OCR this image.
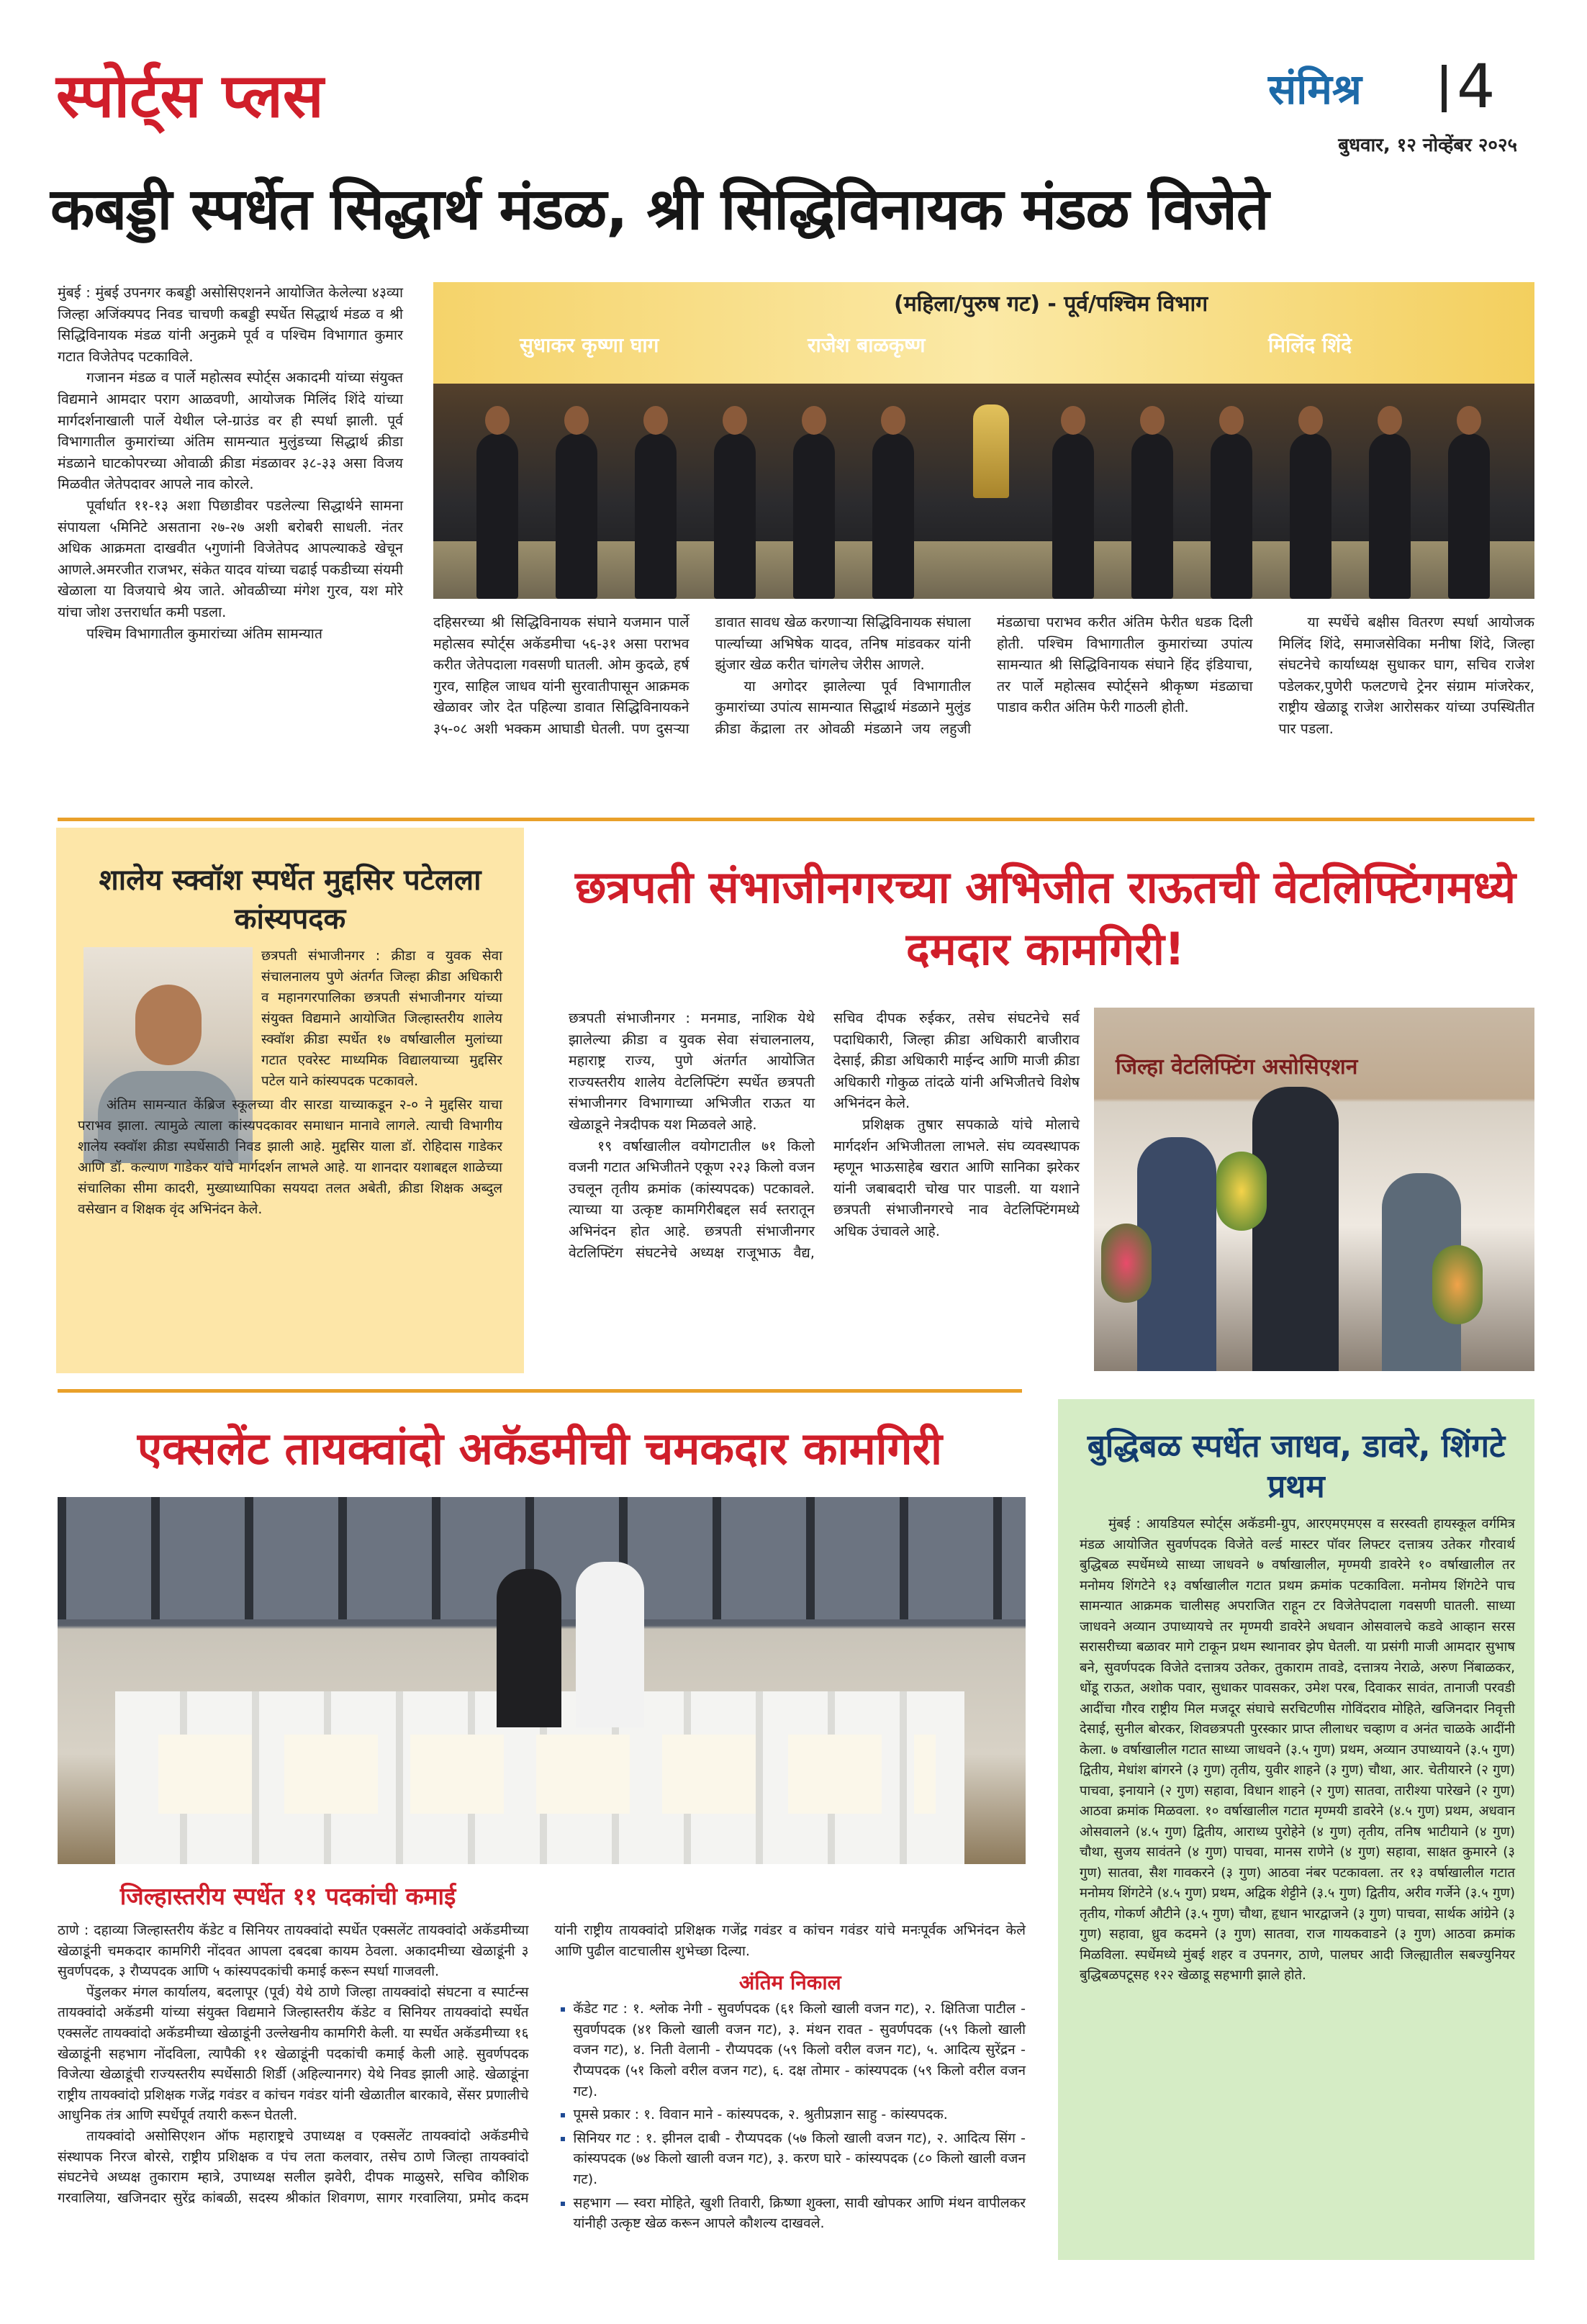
स्पोर्ट्स प्लस	संमिश्र 4
बुधवार, १२ नोव्हेंबर २०२५
कबड्डी स्पर्धेत सिद्धार्थ मंडळ, श्री सिद्धिविनायक मंडळ विजेते

मुंबई : मुंबई उपनगर कबड्डी असोसिएशनने आयोजित केलेल्या ४३व्या जिल्हा अजिंक्यपद निवड चाचणी कबड्डी स्पर्धेत सिद्धार्थ मंडळ व श्री सिद्धिविनायक मंडळ यांनी अनुक्रमे पूर्व व पश्चिम विभागात कुमार गटात विजेतेपद पटकाविले.

गजानन मंडळ व पार्ले महोत्सव स्पोर्ट्स अकादमी यांच्या संयुक्त विद्यमाने आमदार पराग आळवणी, आयोजक मिलिंद शिंदे यांच्या मार्गदर्शनाखाली पार्ले येथील प्ले-ग्राउंड वर ही स्पर्धा झाली. पूर्व विभागातील कुमारांच्या अंतिम सामन्यात मुलुंडच्या सिद्धार्थ क्रीडा मंडळाने घाटकोपरच्या ओवाळी क्रीडा मंडळावर ३८-३३ असा विजय मिळवीत जेतेपदावर आपले नाव कोरले.

पूर्वार्धात ११-१३ अशा पिछाडीवर पडलेल्या सिद्धार्थने सामना संपायला ५मिनिटे असताना २७-२७ अशी बरोबरी साधली. नंतर अधिक आक्रमता दाखवीत ५गुणांनी विजेतेपद आपल्याकडे खेचून आणले.अमरजीत राजभर, संकेत यादव यांच्या चढाई पकडीच्या संयमी खेळाला या विजयाचे श्रेय जाते. ओवळीच्या मंगेश गुरव, यश मोरे यांचा जोश उत्तरार्धात कमी पडला.

पश्चिम विभागातील कुमारांच्या अंतिम सामन्यात

(महिला/पुरुष गट) - पूर्व/पश्चिम विभाग
सुधाकर कृष्णा घाग	राजेश बाळकृष्ण	मिलिंद शिंदे

दहिसरच्या श्री सिद्धिविनायक संघाने यजमान पार्ले महोत्सव स्पोर्ट्स अकॅडमीचा ५६-३१ असा पराभव करीत जेतेपदाला गवसणी घातली. ओम कुदळे, हर्ष गुरव, साहिल जाधव यांनी सुरवातीपासून आक्रमक खेळावर जोर देत पहिल्या डावात सिद्धिविनायकने ३५-०८ अशी भक्कम आघाडी घेतली. पण दुसऱ्या डावात सावध खेळ करणाऱ्या सिद्धिविनायक संघाला पार्ल्याच्या अभिषेक यादव, तनिष मांडवकर यांनी झुंजार खेळ करीत चांगलेच जेरीस आणले.

या अगोदर झालेल्या पूर्व विभागातील कुमारांच्या उपांत्य सामन्यात सिद्धार्थ मंडळाने मुलुंड क्रीडा केंद्राला तर ओवळी मंडळाने जय लहुजी मंडळाचा पराभव करीत अंतिम फेरीत धडक दिली होती. पश्चिम विभागातील कुमारांच्या उपांत्य सामन्यात श्री सिद्धिविनायक संघाने हिंद इंडियाचा, तर पार्ले महोत्सव स्पोर्ट्सने श्रीकृष्ण मंडळाचा पाडाव करीत अंतिम फेरी गाठली होती.

या स्पर्धेचे बक्षीस वितरण स्पर्धा आयोजक मिलिंद शिंदे, समाजसेविका मनीषा शिंदे, जिल्हा संघटनेचे कार्याध्यक्ष सुधाकर घाग, सचिव राजेश पडेलकर,पुणेरी फलटणचे ट्रेनर संग्राम मांजरेकर, राष्ट्रीय खेळाडू राजेश आरोसकर यांच्या उपस्थितीत पार पडला.

शालेय स्क्वॉश स्पर्धेत मुद्दसिर पटेलला कांस्यपदक

छत्रपती संभाजीनगर : क्रीडा व युवक सेवा संचालनालय पुणे अंतर्गत जिल्हा क्रीडा अधिकारी व महानगरपालिका छत्रपती संभाजीनगर यांच्या संयुक्त विद्यमाने आयोजित जिल्हास्तरीय शालेय स्क्वॉश क्रीडा स्पर्धेत १७ वर्षाखालील मुलांच्या गटात एवरेस्ट माध्यमिक विद्यालयाच्या मुद्दसिर पटेल याने कांस्यपदक पटकावले.

अंतिम सामन्यात केंब्रिज स्कूलच्या वीर सारडा याच्याकडून २-० ने मुद्दसिर याचा पराभव झाला. त्यामुळे त्याला कांस्यपदकावर समाधान मानावे लागले. त्याची विभागीय शालेय स्क्वॉश क्रीडा स्पर्धेसाठी निवड झाली आहे. मुद्दसिर याला डॉ. रोहिदास गाडेकर आणि डॉ. कल्याण गाडेकर यांचे मार्गदर्शन लाभले आहे. या शानदार यशाबद्दल शाळेच्या संचालिका सीमा कादरी, मुख्याध्यापिका सययदा तलत अबेती, क्रीडा शिक्षक अब्दुल वसेखान व शिक्षक वृंद अभिनंदन केले.

छत्रपती संभाजीनगरच्या अभिजीत राऊतची वेटलिफ्टिंगमध्ये दमदार कामगिरी!

छत्रपती संभाजीनगर : मनमाड, नाशिक येथे झालेल्या क्रीडा व युवक सेवा संचालनालय, महाराष्ट्र राज्य, पुणे अंतर्गत आयोजित राज्यस्तरीय शालेय वेटलिफ्टिंग स्पर्धेत छत्रपती संभाजीनगर विभागाच्या अभिजीत राऊत या खेळाडूने नेत्रदीपक यश मिळवले आहे.

१९ वर्षाखालील वयोगटातील ७१ किलो वजनी गटात अभिजीतने एकूण २२३ किलो वजन उचलून तृतीय क्रमांक (कांस्यपदक) पटकावले. त्याच्या या उत्कृष्ट कामगिरीबद्दल सर्व स्तरातून अभिनंदन होत आहे. छत्रपती संभाजीनगर वेटलिफ्टिंग संघटनेचे अध्यक्ष राजूभाऊ वैद्य, सचिव दीपक रुईकर, तसेच संघटनेचे सर्व पदाधिकारी, जिल्हा क्रीडा अधिकारी बाजीराव देसाई, क्रीडा अधिकारी माईन्द आणि माजी क्रीडा अधिकारी गोकुळ तांदळे यांनी अभिजीतचे विशेष अभिनंदन केले.

प्रशिक्षक तुषार सपकाळे यांचे मोलाचे मार्गदर्शन अभिजीतला लाभले. संघ व्यवस्थापक म्हणून भाऊसाहेब खरात आणि सानिका झरेकर यांनी जबाबदारी चोख पार पाडली. या यशाने छत्रपती संभाजीनगरचे नाव वेटलिफ्टिंगमध्ये अधिक उंचावले आहे.

जिल्हा वेटलिफ्टिंग असोसिएशन
एक्सलेंट तायक्वांदो अकॅडमीची चमकदार कामगिरी
जिल्हास्तरीय स्पर्धेत ११ पदकांची कमाई

ठाणे : दहाव्या जिल्हास्तरीय कॅडेट व सिनियर तायक्वांदो स्पर्धेत एक्सलेंट तायक्वांदो अकॅडमीच्या खेळाडूंनी चमकदार कामगिरी नोंदवत आपला दबदबा कायम ठेवला. अकादमीच्या खेळाडूंनी ३ सुवर्णपदक, ३ रौप्यपदक आणि ५ कांस्यपदकांची कमाई करून स्पर्धा गाजवली.

पेंडुलकर मंगल कार्यालय, बदलापूर (पूर्व) येथे ठाणे जिल्हा तायक्वांदो संघटना व स्पार्टन्स तायक्वांदो अकॅडमी यांच्या संयुक्त विद्यमाने जिल्हास्तरीय कॅडेट व सिनियर तायक्वांदो स्पर्धेत एक्सलेंट तायक्वांदो अकॅडमीच्या खेळाडूंनी उल्लेखनीय कामगिरी केली. या स्पर्धेत अकॅडमीच्या १६ खेळाडूंनी सहभाग नोंदविला, त्यापैकी ११ खेळाडूंनी पदकांची कमाई केली आहे. सुवर्णपदक विजेत्या खेळाडूंची राज्यस्तरीय स्पर्धेसाठी शिर्डी (अहिल्यानगर) येथे निवड झाली आहे. खेळाडूंना राष्ट्रीय तायक्वांदो प्रशिक्षक गजेंद्र गवंडर व कांचन गवंडर यांनी खेळातील बारकावे, सेंसर प्रणालीचे आधुनिक तंत्र आणि स्पर्धेपूर्व तयारी करून घेतली.

तायक्वांदो असोसिएशन ऑफ महाराष्ट्रचे उपाध्यक्ष व एक्सलेंट तायक्वांदो अकॅडमीचे संस्थापक निरज बोरसे, राष्ट्रीय प्रशिक्षक व पंच लता कलवार, तसेच ठाणे जिल्हा तायक्वांदो संघटनेचे अध्यक्ष तुकाराम म्हात्रे, उपाध्यक्ष सलील झवेरी, दीपक माळुसरे, सचिव कौशिक गरवालिया, खजिनदार सुरेंद्र कांबळी, सदस्य श्रीकांत शिवगण, सागर गरवालिया, प्रमोद कदम यांनी राष्ट्रीय तायक्वांदो प्रशिक्षक गजेंद्र गवंडर व कांचन गवंडर यांचे मनःपूर्वक अभिनंदन केले आणि पुढील वाटचालीस शुभेच्छा दिल्या.

अंतिम निकाल
▪ कॅडेट गट : १. श्लोक नेगी - सुवर्णपदक (६१ किलो खाली वजन गट), २. क्षितिजा पाटील - सुवर्णपदक (४१ किलो खाली वजन गट), ३. मंथन रावत - सुवर्णपदक (५९ किलो खाली वजन गट), ४. निती वेलानी - रौप्यपदक (५९ किलो वरील वजन गट), ५. आदित्य सुरेंद्रन - रौप्यपदक (५१ किलो वरील वजन गट), ६. दक्ष तोमार - कांस्यपदक (५९ किलो वरील वजन गट).
▪ पूमसे प्रकार : १. विवान माने - कांस्यपदक, २. श्रुतीप्रज्ञान साहु - कांस्यपदक.
▪ सिनियर गट : १. झीनल दाबी - रौप्यपदक (५७ किलो खाली वजन गट), २. आदित्य सिंग - कांस्यपदक (७४ किलो खाली वजन गट), ३. करण घारे - कांस्यपदक (८० किलो खाली वजन गट).
▪ सहभाग — स्वरा मोहिते, खुशी तिवारी, क्रिष्णा शुक्ला, सावी खोपकर आणि मंथन वापीलकर यांनीही उत्कृष्ट खेळ करून आपले कौशल्य दाखवले.
बुद्धिबळ स्पर्धेत जाधव, डावरे, शिंगटे प्रथम

मुंबई : आयडियल स्पोर्ट्स अकॅडमी-ग्रुप, आरएमएमएस व सरस्वती हायस्कूल वर्गमित्र मंडळ आयोजित सुवर्णपदक विजेते वर्ल्ड मास्टर पॉवर लिफ्टर दत्तात्रय उतेकर गौरवार्थ बुद्धिबळ स्पर्धेमध्ये साध्या जाधवने ७ वर्षाखालील, मृण्मयी डावरेने १० वर्षाखालील तर मनोमय शिंगटेने १३ वर्षाखालील गटात प्रथम क्रमांक पटकाविला. मनोमय शिंगटेने पाच सामन्यात आक्रमक चालीसह अपराजित राहून टर विजेतेपदाला गवसणी घातली. साध्या जाधवने अव्यान उपाध्यायचे तर मृण्मयी डावरेने अधवान ओसवालचे कडवे आव्हान सरस सरासरीच्या बळावर मागे टाकून प्रथम स्थानावर झेप घेतली. या प्रसंगी माजी आमदार सुभाष बने, सुवर्णपदक विजेते दत्तात्रय उतेकर, तुकाराम तावडे, दत्तात्रय नेराळे, अरुण निंबाळकर, धोंडू राऊत, अशोक पवार, सुधाकर पावसकर, उमेश परब, दिवाकर सावंत, तानाजी परवडी आदींचा गौरव राष्ट्रीय मिल मजदूर संघाचे सरचिटणीस गोविंदराव मोहिते, खजिनदार निवृत्ती देसाई, सुनील बोरकर, शिवछत्रपती पुरस्कार प्राप्त लीलाधर चव्हाण व अनंत चाळके आदींनी केला. ७ वर्षाखालील गटात साध्या जाधवने (३.५ गुण) प्रथम, अव्यान उपाध्यायने (३.५ गुण) द्वितीय, मेधांश बांगरने (३ गुण) तृतीय, युवीर शाहने (३ गुण) चौथा, आर. चेतीयारने (२ गुण) पाचवा, इनायाने (२ गुण) सहावा, विधान शाहने (२ गुण) सातवा, तारीश्या पारेखने (२ गुण) आठवा क्रमांक मिळवला. १० वर्षाखालील गटात मृण्मयी डावरेने (४.५ गुण) प्रथम, अधवान ओसवालने (४.५ गुण) द्वितीय, आराध्य पुरोहेने (४ गुण) तृतीय, तनिष भाटीयाने (४ गुण) चौथा, सुजय सावंतने (४ गुण) पाचवा, मानस राणेने (४ गुण) सहावा, साक्षत कुमारने (३ गुण) सातवा, सैश गावकरने (३ गुण) आठवा नंबर पटकावला. तर १३ वर्षाखालील गटात मनोमय शिंगटेने (४.५ गुण) प्रथम, अद्विक शेट्टीने (३.५ गुण) द्वितीय, अरीव गर्जेने (३.५ गुण) तृतीय, गोकर्ण औटीने (३.५ गुण) चौथा, हृधान भारद्वाजने (३ गुण) पाचवा, सार्थक आंग्रेने (३ गुण) सहावा, ध्रुव कदमने (३ गुण) सातवा, राज गायकवाडने (३ गुण) आठवा क्रमांक मिळविला. स्पर्धेमध्ये मुंबई शहर व उपनगर, ठाणे, पालघर आदी जिल्ह्यातील सबज्युनियर बुद्धिबळपटूसह १२२ खेळाडू सहभागी झाले होते.
